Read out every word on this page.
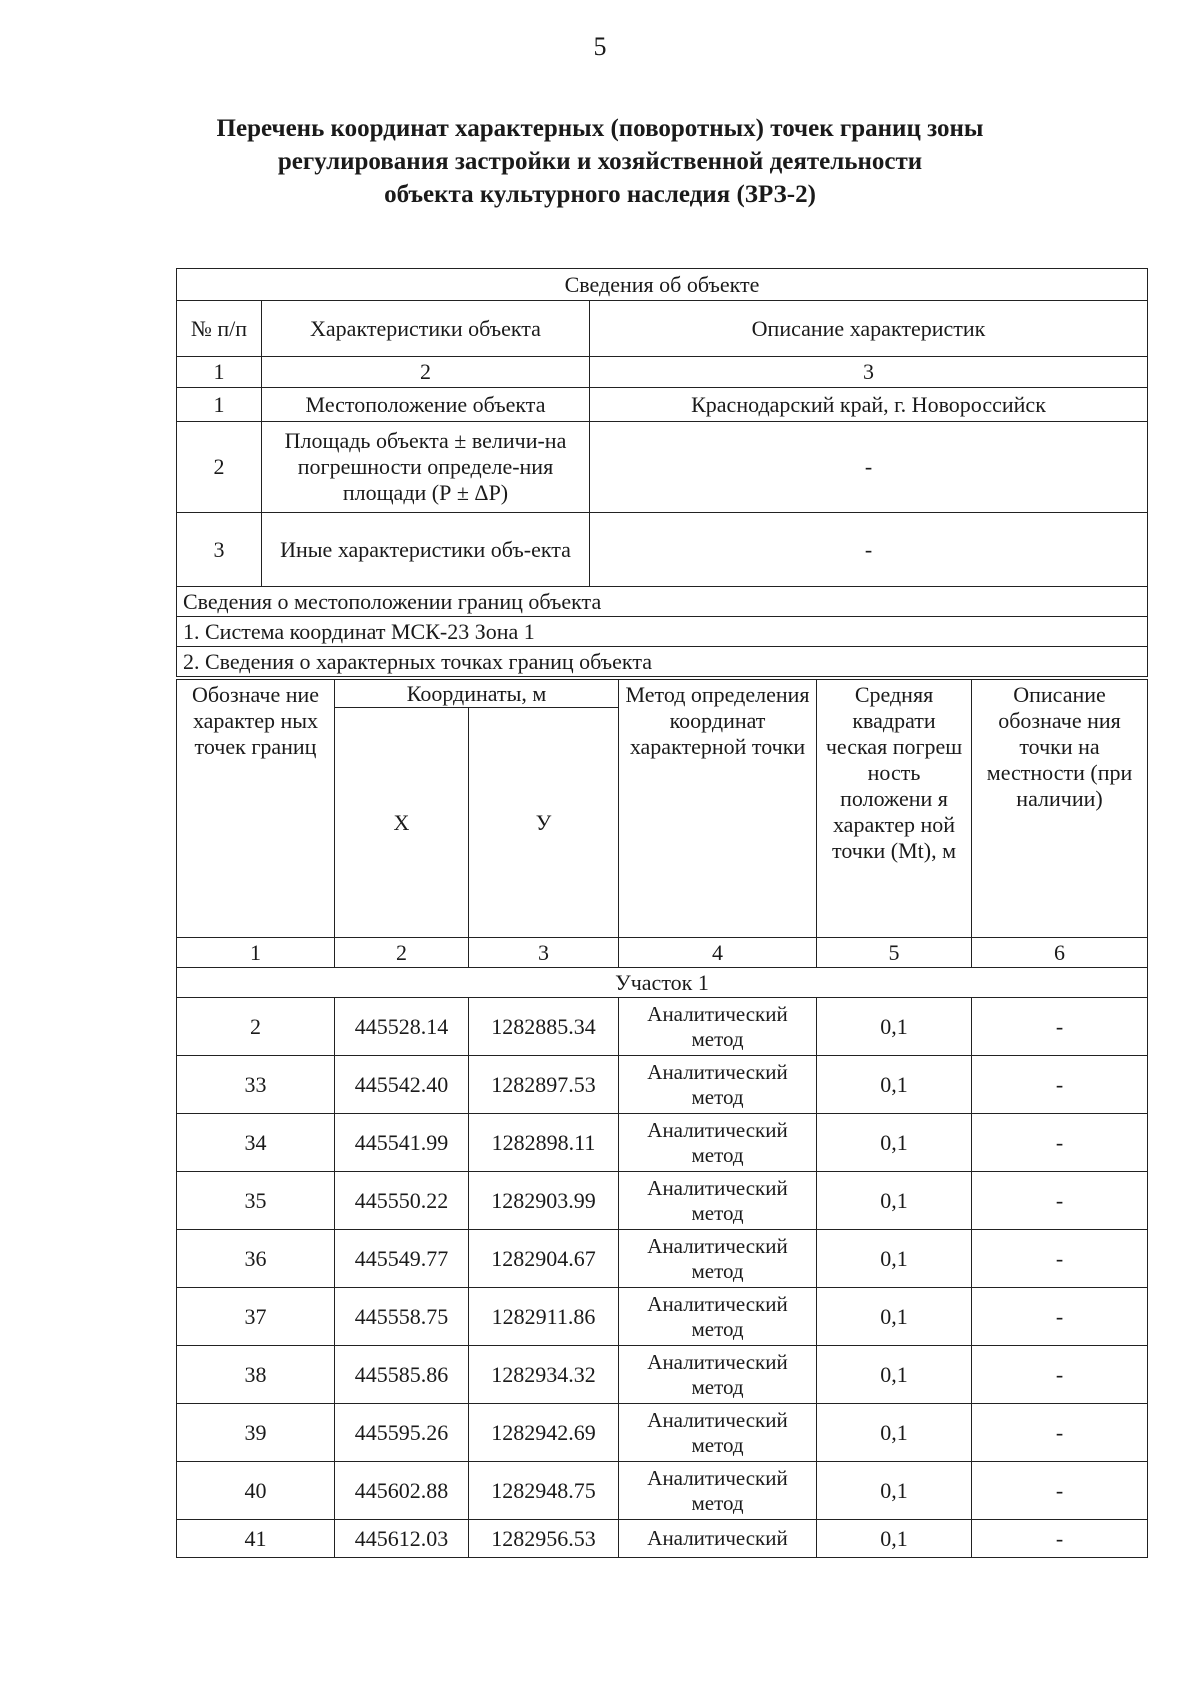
5
Перечень координат характерных (поворотных) точек границ зоны
регулирования застройки и хозяйственной деятельности
объекта культурного наследия (ЗРЗ-2)
Сведения об объекте		
№ п/п	Характеристики объекта	Описание характеристик
1	2	3
1	Местоположение объекта	Краснодарский край, г. Новороссийск
2	Площадь объекта ± величи-на погрешности определе-ния площади (Р ± ΔР)	-
3	Иные характеристики объ-екта	-
Сведения о местоположении границ объекта		
1. Система координат МСК-23 Зона 1		
2. Сведения о характерных точках границ объекта		
Обозначе ние характер ных точек границ	Координаты, м		Метод определения координат характерной точки	Средняя квадрати ческая погреш ность положени я характер ной точки (Мt), м	Описание обозначе ния точки на местности (при наличии)
	Х	У			
1	2	3	4	5	6
Участок 1					
2	445528.14	1282885.34	Аналитический метод	0,1	-
33	445542.40	1282897.53	Аналитический метод	0,1	-
34	445541.99	1282898.11	Аналитический метод	0,1	-
35	445550.22	1282903.99	Аналитический метод	0,1	-
36	445549.77	1282904.67	Аналитический метод	0,1	-
37	445558.75	1282911.86	Аналитический метод	0,1	-
38	445585.86	1282934.32	Аналитический метод	0,1	-
39	445595.26	1282942.69	Аналитический метод	0,1	-
40	445602.88	1282948.75	Аналитический метод	0,1	-
41	445612.03	1282956.53	Аналитический	0,1	-
